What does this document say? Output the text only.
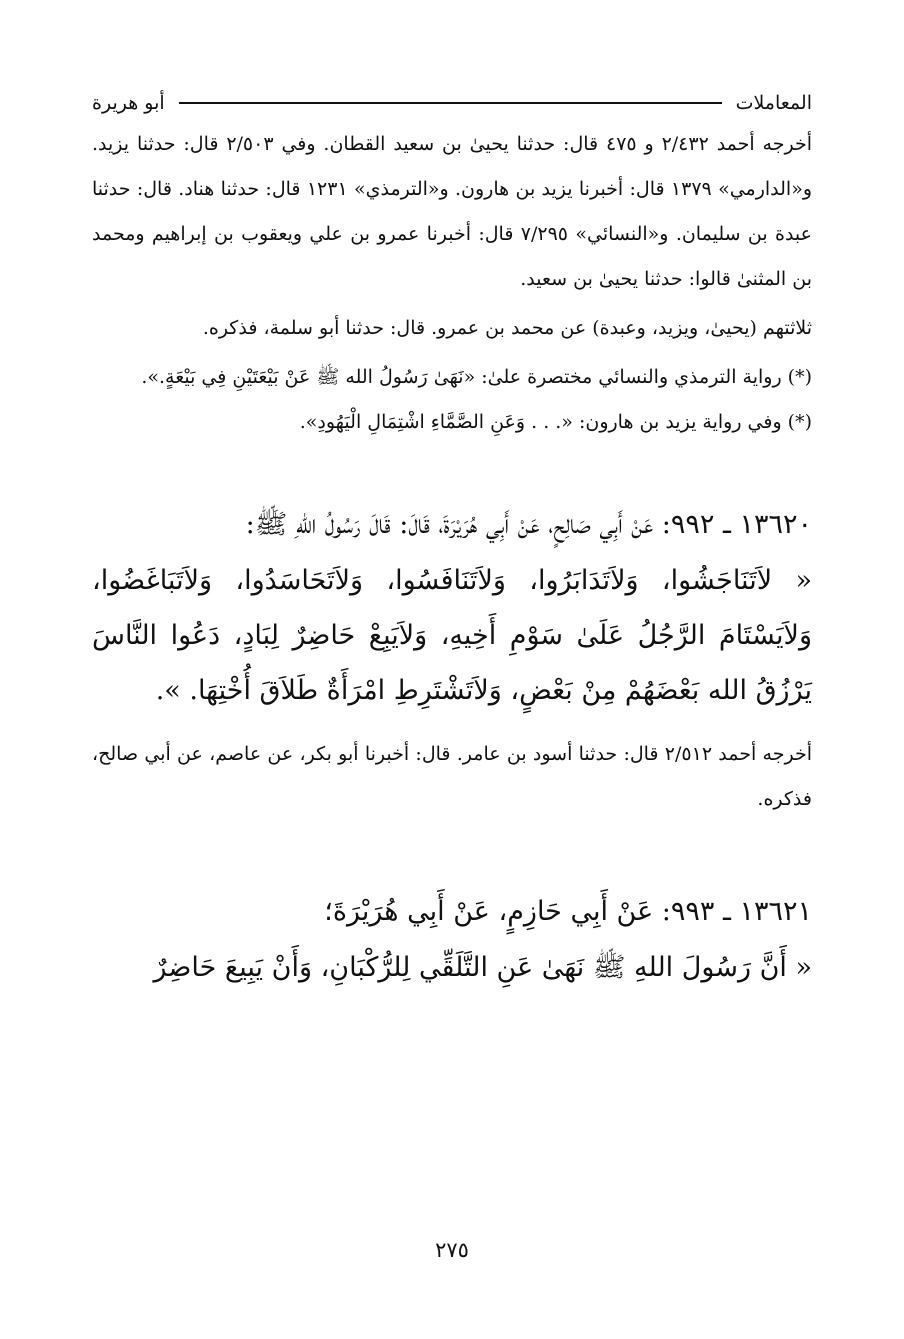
المعاملات
أبو هريرة

أخرجه أحمد ٢/٤٣٢ و ٤٧٥ قال: حدثنا يحيىٰ بن سعيد القطان. وفي ٢/٥٠٣ قال: حدثنا يزيد. و«الدارمي» ١٣٧٩ قال: أخبرنا يزيد بن هارون. و«الترمذي» ١٢٣١ قال: حدثنا هناد. قال: حدثنا عبدة بن سليمان. و«النسائي» ٧/٢٩٥ قال: أخبرنا عمرو بن علي ويعقوب بن إبراهيم ومحمد بن المثنىٰ قالوا: حدثنا يحيىٰ بن سعيد.

ثلاثتهم (يحيىٰ، ويزيد، وعبدة) عن محمد بن عمرو. قال: حدثنا أبو سلمة، فذكره.

(*) رواية الترمذي والنسائي مختصرة علىٰ: «نَهَىٰ رَسُولُ الله ﷺ عَنْ بَيْعَتَيْنِ فِي بَيْعَةٍ.».

(*) وفي رواية يزيد بن هارون: «. . . وَعَنِ الصَّمَّاءِ اشْتِمَالِ الْيَهُودِ».

١٣٦٢٠ ـ ٩٩٢: عَنْ أَبِي صَالِحٍ، عَنْ أَبِي هُرَيْرَةَ، قَالَ: قَالَ رَسُولُ اللهِ ﷺ:

« لاَتَنَاجَشُوا، وَلاَتَدَابَرُوا، وَلاَتَنَافَسُوا، وَلاَتَحَاسَدُوا، وَلاَتَبَاغَضُوا، وَلاَيَسْتَامَ الرَّجُلُ عَلَىٰ سَوْمِ أَخِيهِ، وَلاَيَبِعْ حَاضِرٌ لِبَادٍ، دَعُوا النَّاسَ يَرْزُقُ الله بَعْضَهُمْ مِنْ بَعْضٍ، وَلاَتَشْتَرِطِ امْرَأَةٌ طَلاَقَ أُخْتِهَا. ».

أخرجه أحمد ٢/٥١٢ قال: حدثنا أسود بن عامر. قال: أخبرنا أبو بكر، عن عاصم، عن أبي صالح، فذكره.

١٣٦٢١ ـ ٩٩٣: عَنْ أَبِي حَازِمٍ، عَنْ أَبِي هُرَيْرَةَ؛

« أَنَّ رَسُولَ اللهِ ﷺ نَهَىٰ عَنِ التَّلَقِّي لِلرُّكْبَانِ، وَأَنْ يَبِيعَ حَاضِرٌ

٢٧٥
